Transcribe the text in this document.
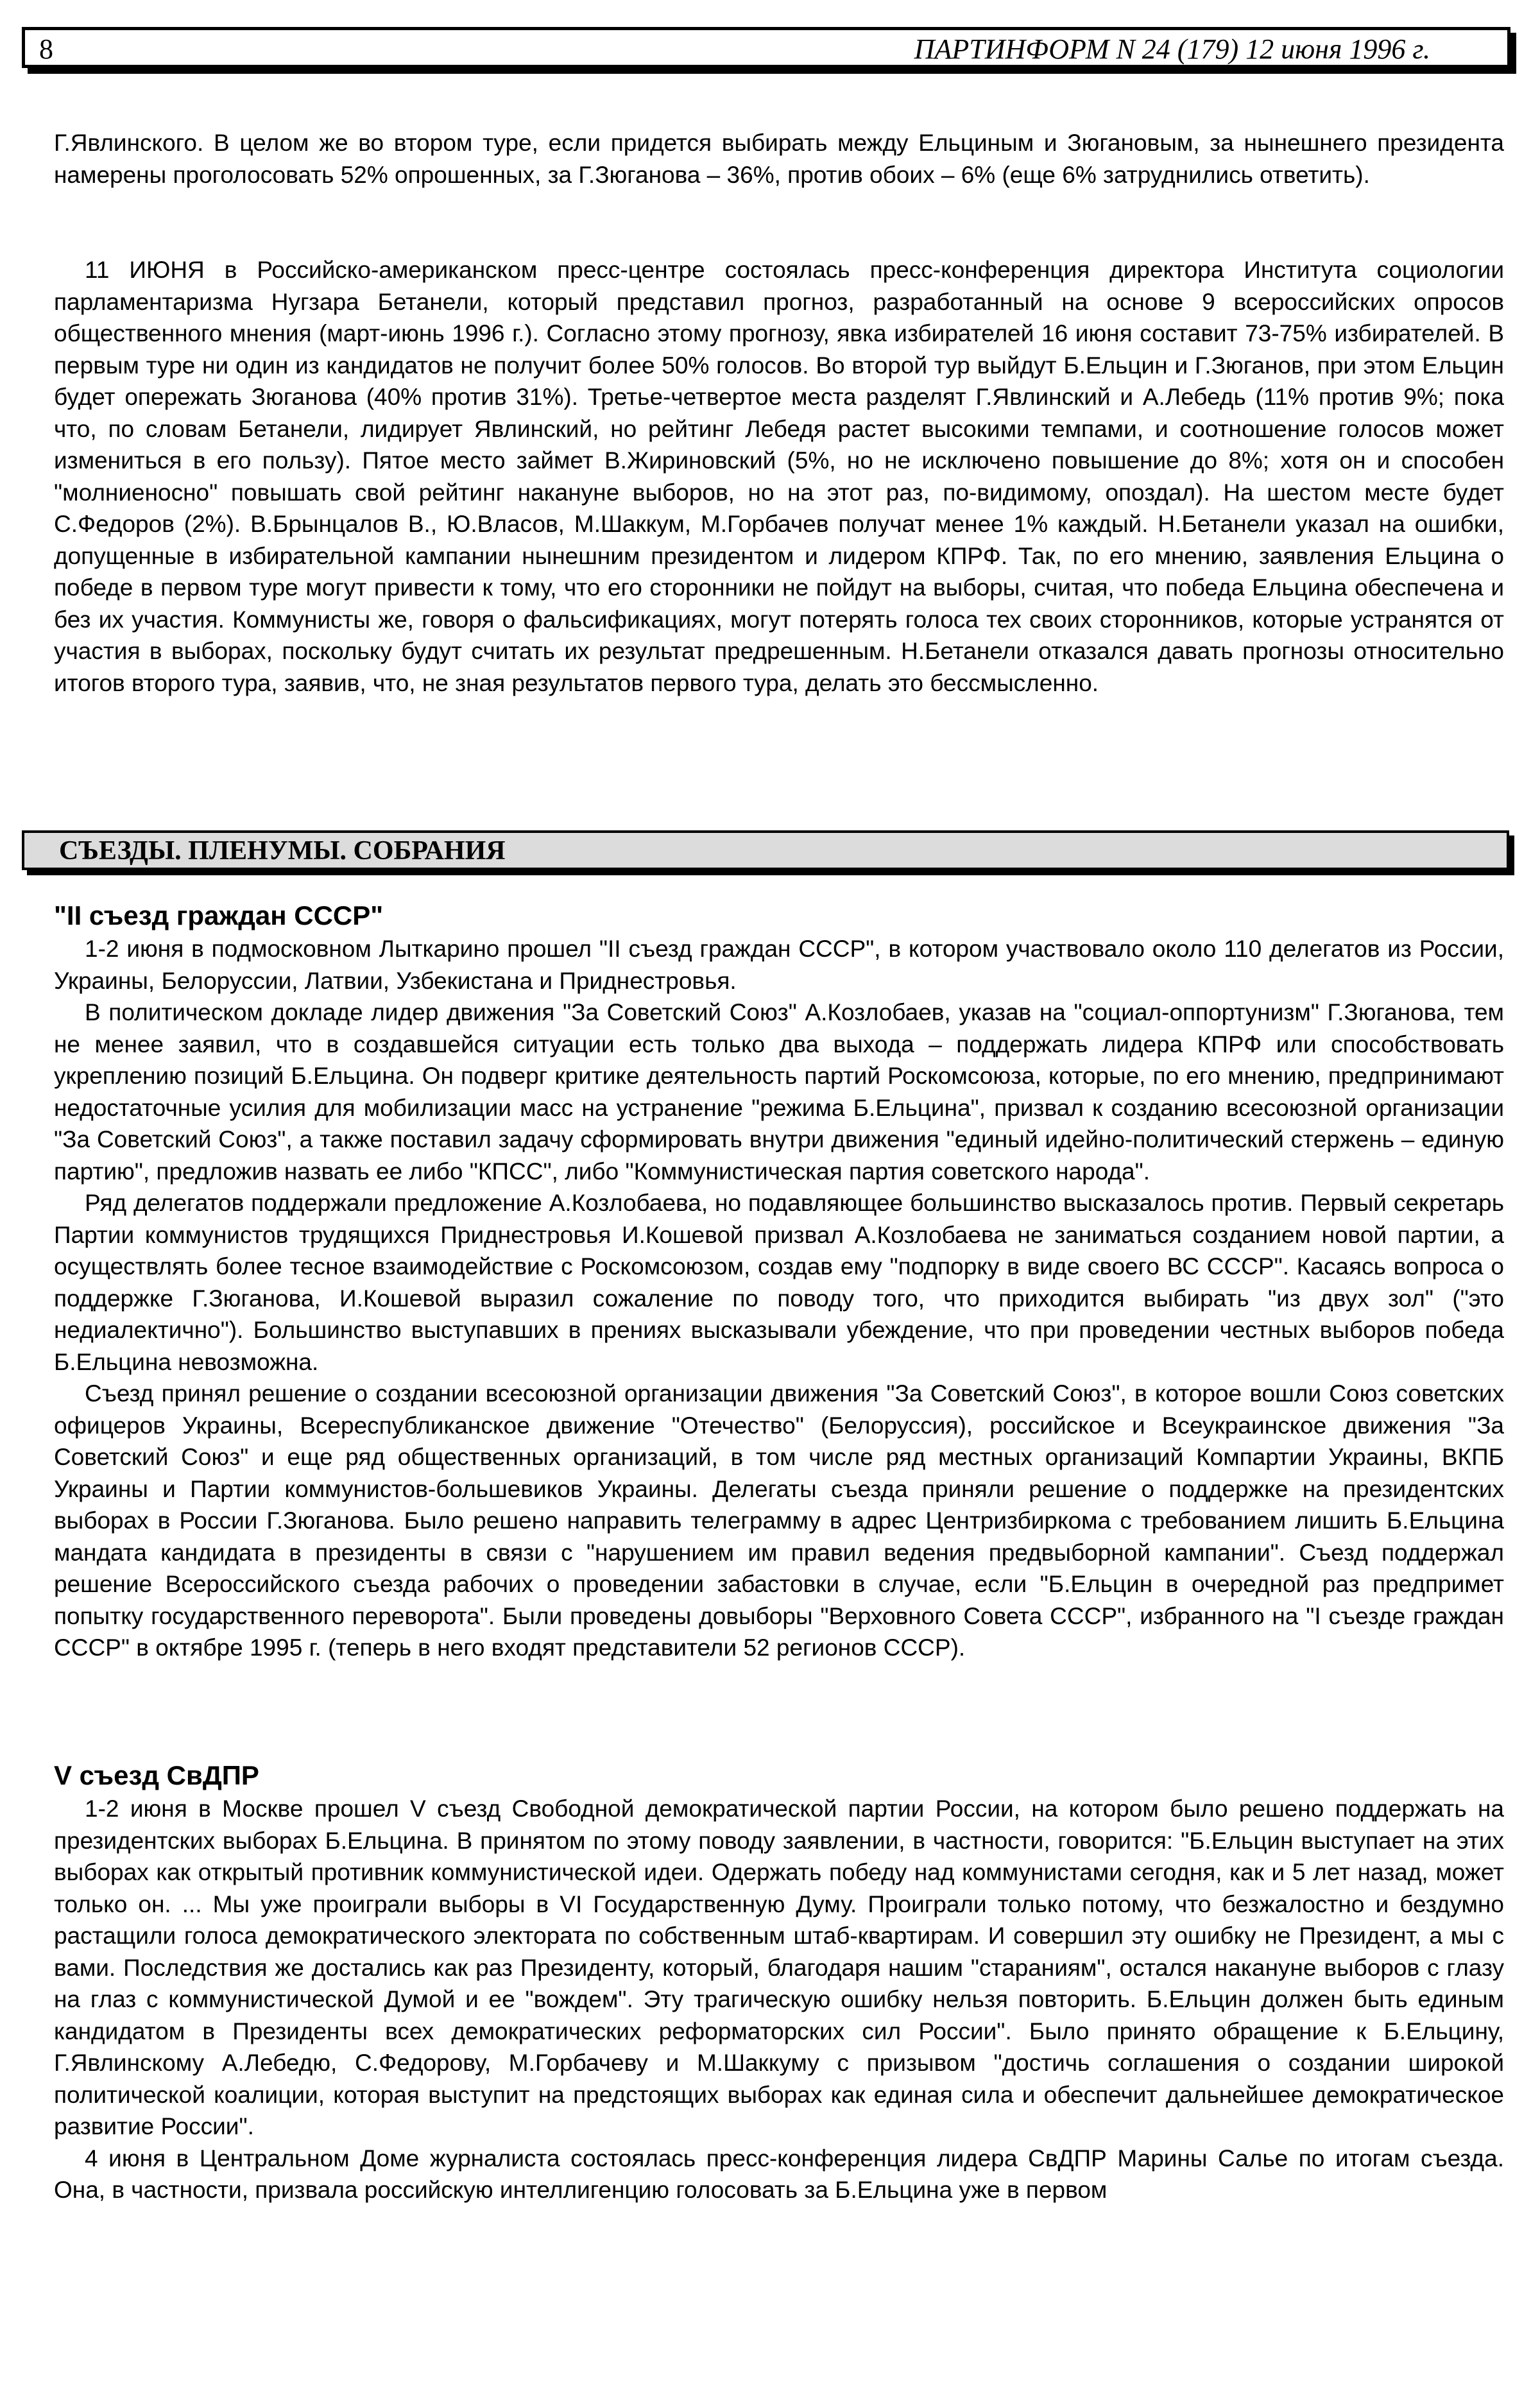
8	ПАРТИНФОРМ N 24 (179) 12 июня 1996 г.

Г.Явлинского. В целом же во втором туре, если придется выбирать между Ельциным и Зюгановым, за нынешнего президента намерены проголосовать 52% опрошенных, за Г.Зюганова – 36%, против обоих – 6% (еще 6% затруднились ответить).

11 ИЮНЯ в Российско-американском пресс-центре состоялась пресс-конференция директора Института социологии парламентаризма Нугзара Бетанели, который представил прогноз, разработанный на основе 9 всероссийских опросов общественного мнения (март-июнь 1996 г.). Согласно этому прогнозу, явка избирателей 16 июня составит 73-75% избирателей. В первым туре ни один из кандидатов не получит более 50% голосов. Во второй тур выйдут Б.Ельцин и Г.Зюганов, при этом Ельцин будет опережать Зюганова (40% против 31%). Третье-четвертое места разделят Г.Явлинский и А.Лебедь (11% против 9%; пока что, по словам Бетанели, лидирует Явлинский, но рейтинг Лебедя растет высокими темпами, и соотношение голосов может измениться в его пользу). Пятое место займет В.Жириновский (5%, но не исключено повышение до 8%; хотя он и способен "молниеносно" повышать свой рейтинг накануне выборов, но на этот раз, по-видимому, опоздал). На шестом месте будет С.Федоров (2%). В.Брынцалов В., Ю.Власов, М.Шаккум, М.Горбачев получат менее 1% каждый. Н.Бетанели указал на ошибки, допущенные в избирательной кампании нынешним президентом и лидером КПРФ. Так, по его мнению, заявления Ельцина о победе в первом туре могут привести к тому, что его сторонники не пойдут на выборы, считая, что победа Ельцина обеспечена и без их участия. Коммунисты же, говоря о фальсификациях, могут потерять голоса тех своих сторонников, которые устранятся от участия в выборах, поскольку будут считать их результат предрешенным. Н.Бетанели отказался давать прогнозы относительно итогов второго тура, заявив, что, не зная результатов первого тура, делать это бессмысленно.

СЪЕЗДЫ. ПЛЕНУМЫ. СОБРАНИЯ
"II съезд граждан СССР"

1-2 июня в подмосковном Лыткарино прошел "II съезд граждан СССР", в котором участвовало около 110 делегатов из России, Украины, Белоруссии, Латвии, Узбекистана и Приднестровья.

В политическом докладе лидер движения "За Советский Союз" А.Козлобаев, указав на "социал-оппортунизм" Г.Зюганова, тем не менее заявил, что в создавшейся ситуации есть только два выхода – поддержать лидера КПРФ или способствовать укреплению позиций Б.Ельцина. Он подверг критике деятельность партий Роскомсоюза, которые, по его мнению, предпринимают недостаточные усилия для мобилизации масс на устранение "режима Б.Ельцина", призвал к созданию всесоюзной организации "За Советский Союз", а также поставил задачу сформировать внутри движения "единый идейно-политический стержень – единую партию", предложив назвать ее либо "КПСС", либо "Коммунистическая партия советского народа".

Ряд делегатов поддержали предложение А.Козлобаева, но подавляющее большинство высказалось против. Первый секретарь Партии коммунистов трудящихся Приднестровья И.Кошевой призвал А.Козлобаева не заниматься созданием новой партии, а осуществлять более тесное взаимодействие с Роскомсоюзом, создав ему "подпорку в виде своего ВС СССР". Касаясь вопроса о поддержке Г.Зюганова, И.Кошевой выразил сожаление по поводу того, что приходится выбирать "из двух зол" ("это недиалектично"). Большинство выступавших в прениях высказывали убеждение, что при проведении честных выборов победа Б.Ельцина невозможна.

Съезд принял решение о создании всесоюзной организации движения "За Советский Союз", в которое вошли Союз советских офицеров Украины, Всереспубликанское движение "Отечество" (Белоруссия), российское и Всеукраинское движения "За Советский Союз" и еще ряд общественных организаций, в том числе ряд местных организаций Компартии Украины, ВКПБ Украины и Партии коммунистов-большевиков Украины. Делегаты съезда приняли решение о поддержке на президентских выборах в России Г.Зюганова. Было решено направить телеграмму в адрес Центризбиркома с требованием лишить Б.Ельцина мандата кандидата в президенты в связи с "нарушением им правил ведения предвыборной кампании". Съезд поддержал решение Всероссийского съезда рабочих о проведении забастовки в случае, если "Б.Ельцин в очередной раз предпримет попытку государственного переворота". Были проведены довыборы "Верховного Совета СССР", избранного на "I съезде граждан СССР" в октябре 1995 г. (теперь в него входят представители 52 регионов СССР).

V съезд СвДПР

1-2 июня в Москве прошел V съезд Свободной демократической партии России, на котором было решено поддержать на президентских выборах Б.Ельцина. В принятом по этому поводу заявлении, в частности, говорится: "Б.Ельцин выступает на этих выборах как открытый противник коммунистической идеи. Одержать победу над коммунистами сегодня, как и 5 лет назад, может только он. ... Мы уже проиграли выборы в VI Государственную Думу. Проиграли только потому, что безжалостно и бездумно растащили голоса демократического электората по собственным штаб-квартирам. И совершил эту ошибку не Президент, а мы с вами. Последствия же достались как раз Президенту, который, благодаря нашим "стараниям", остался накануне выборов с глазу на глаз с коммунистической Думой и ее "вождем". Эту трагическую ошибку нельзя повторить. Б.Ельцин должен быть единым кандидатом в Президенты всех демократических реформаторских сил России". Было принято обращение к Б.Ельцину, Г.Явлинскому А.Лебедю, С.Федорову, М.Горбачеву и М.Шаккуму с призывом "достичь соглашения о создании широкой политической коалиции, которая выступит на предстоящих выборах как единая сила и обеспечит дальнейшее демократическое развитие России".

4 июня в Центральном Доме журналиста состоялась пресс-конференция лидера СвДПР Марины Салье по итогам съезда. Она, в частности, призвала российскую интеллигенцию голосовать за Б.Ельцина уже в первом
